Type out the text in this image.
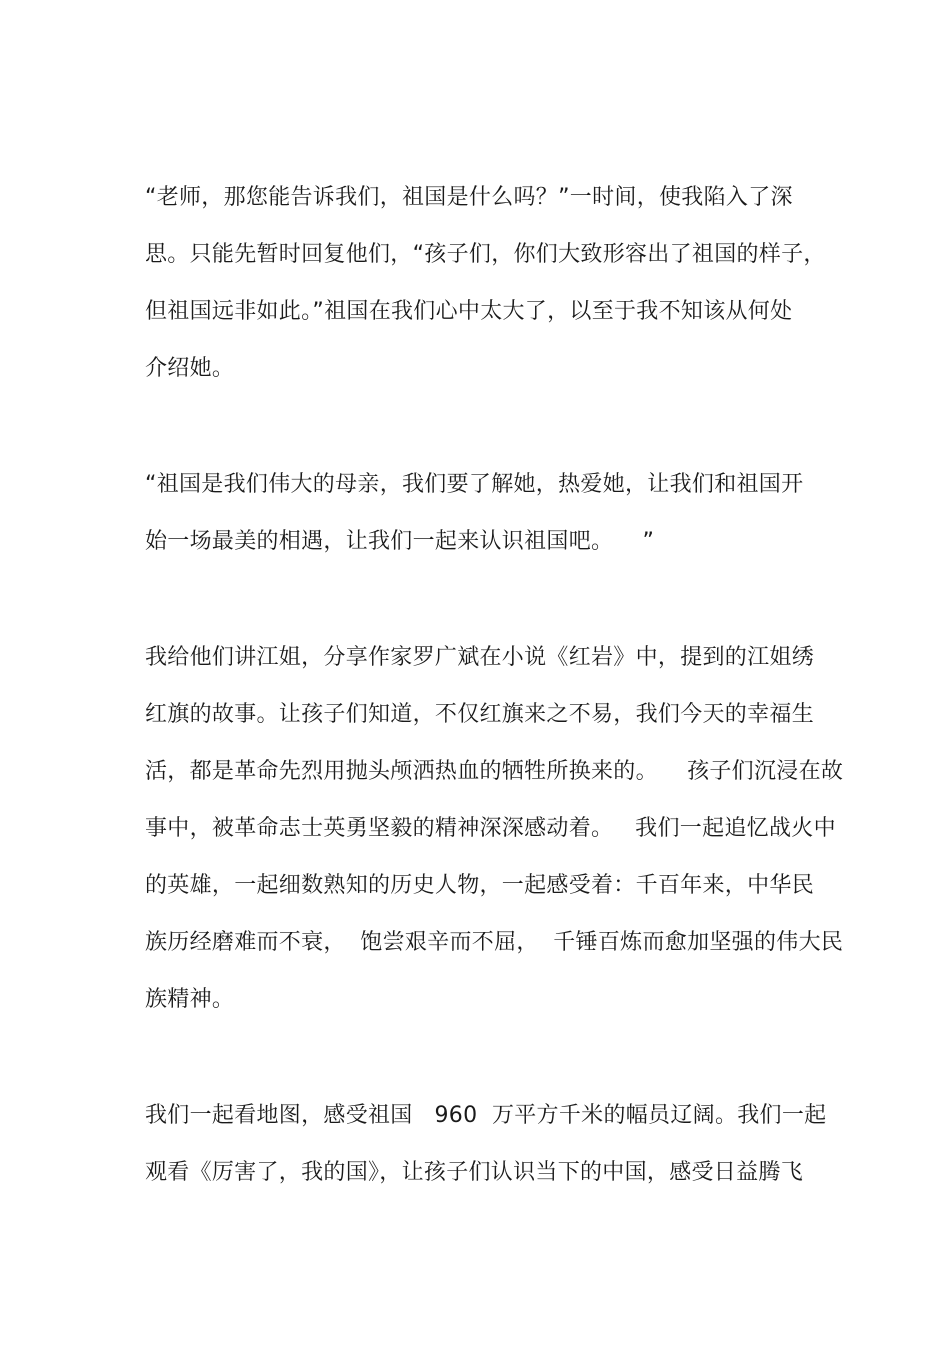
“老师，那您能告诉我们，祖国是什么吗？”一时间，使我陷入了深
思。只能先暂时回复他们，“孩子们，你们大致形容出了祖国的样子，
但祖国远非如此。”祖国在我们心中太大了，以至于我不知该从何处
介绍她。
“祖国是我们伟大的母亲，我们要了解她，热爱她，让我们和祖国开
始一场最美的相遇，让我们一起来认识祖国吧。    ”
我给他们讲江姐，分享作家罗广斌在小说《红岩》中，提到的江姐绣
红旗的故事。让孩子们知道，不仅红旗来之不易，我们今天的幸福生
活，都是革命先烈用抛头颅洒热血的牺牲所换来的。    孩子们沉浸在故
事中，被革命志士英勇坚毅的精神深深感动着。   我们一起追忆战火中
的英雄，一起细数熟知的历史人物，一起感受着：千百年来，中华民
族历经磨难而不衰，  饱尝艰辛而不屈，  千锤百炼而愈加坚强的伟大民
族精神。
我们一起看地图，感受祖国   960  万平方千米的幅员辽阔。我们一起
观看《厉害了，我的国》，让孩子们认识当下的中国，感受日益腾飞
